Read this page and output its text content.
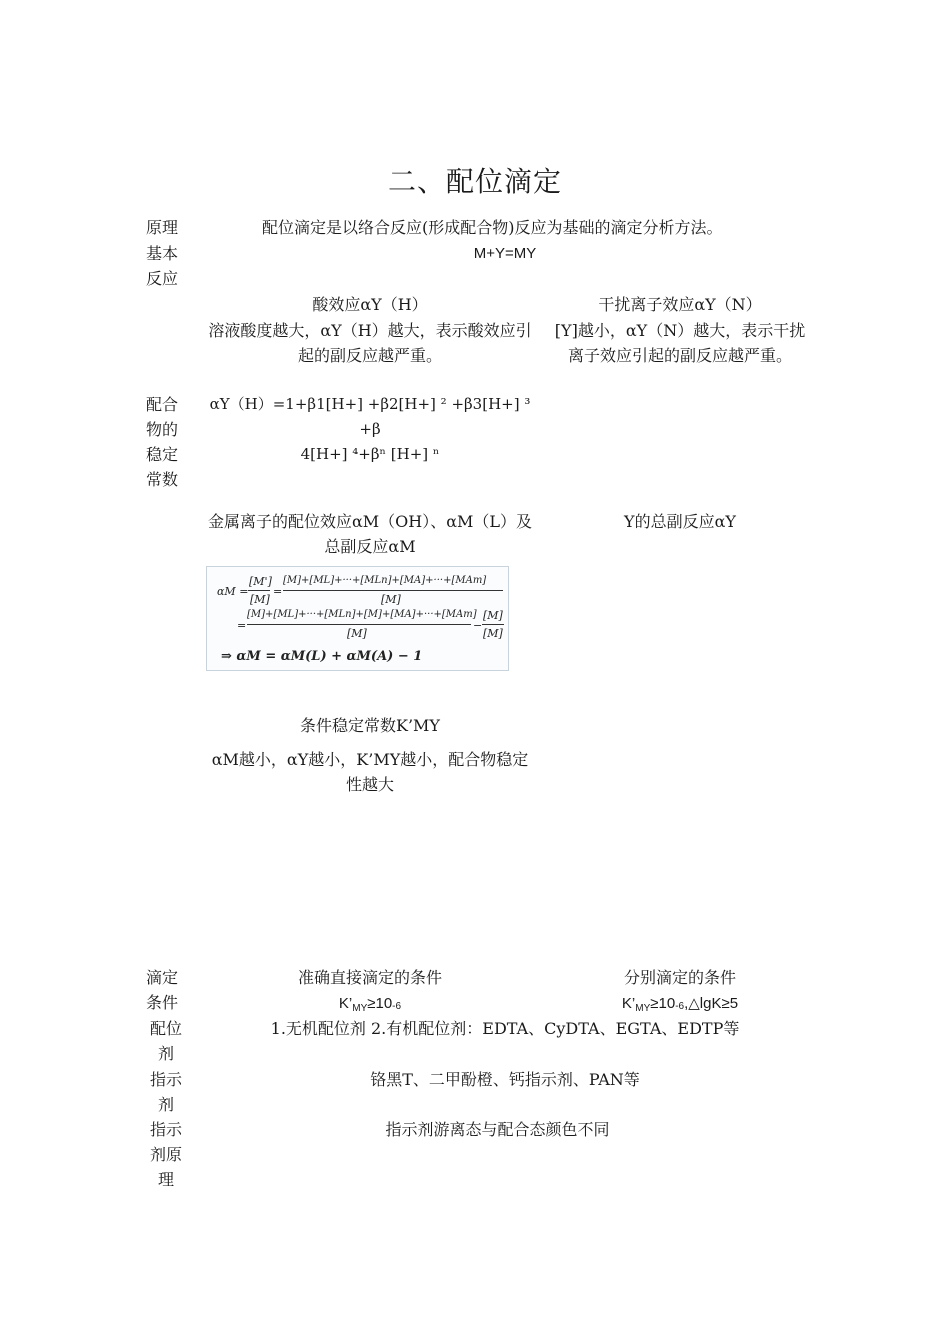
二、配位滴定
原理	配位滴定是以络合反应(形成配合物)反应为基础的滴定分析方法。
基本
反应
M+Y=MY
酸效应αY（H）
溶液酸度越大，αY（H）越大，表示酸效应引
起的副反应越严重。
干扰离子效应αY（N）
[Y]越小，αY（N）越大，表示干扰
离子效应引起的副反应越严重。
配合
物的
稳定
常数
αY（H）=1+β1[H+] +β2[H+] ² +β3[H+] ³ +β
4[H+] ⁴+βⁿ [H+] ⁿ
金属离子的配位效应αM（OH）、αM（L）及
总副反应αM
Y的总副反应αY
αM =
[M']
[M]
=
[M]+[ML]+···+[MLn]+[MA]+···+[MAm]
[M]
=
[M]+[ML]+···+[MLn]+[M]+[MA]+···+[MAm]
[M]
−
[M]
[M]
⇒ αM = αM(L) + αM(A) − 1
条件稳定常数K’MY
αM越小，αY越小，K’MY越小，配合物稳定
性越大
滴定
条件
准确直接滴定的条件
$K’_{MY}\ge 10^{-6}$
分别滴定的条件
$K’_{MY}\ge 10^{-6},\triangle\lg K\ge 5$
配位
剂
1.无机配位剂 2.有机配位剂：EDTA、CyDTA、EGTA、EDTP等
指示
剂
铬黑T、二甲酚橙、钙指示剂、PAN等
指示
剂原
理
指示剂游离态与配合态颜色不同
